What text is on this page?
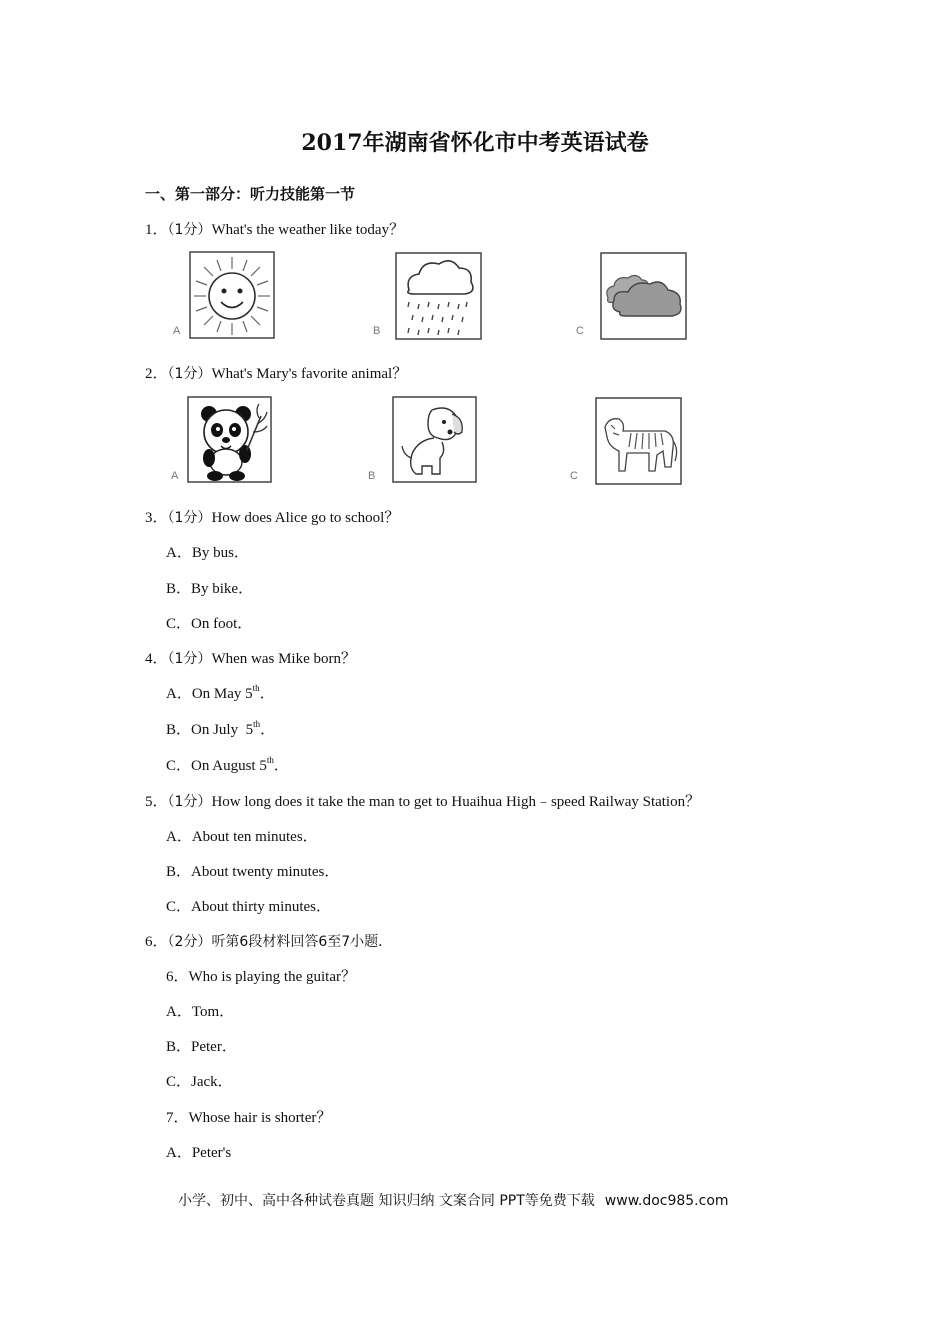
2017年湖南省怀化市中考英语试卷
一、第一部分：听力技能第一节
1．（1分）What's the weather like today？
A	B	C
2．（1分）What's Mary's favorite animal？
A	B	C
3．（1分）How does Alice go to school？
A．By bus．
B．By bike．
C．On foot．
4．（1分）When was Mike born？
A．On May 5th．
B．On July  5th．
C．On August 5th．
5．（1分）How long does it take the man to get to Huaihua High﹣speed Railway Station？
A．About ten minutes．
B．About twenty minutes．
C．About thirty minutes．
6．（2分）听第6段材料回答6至7小题．
6．Who is playing the guitar？
A．Tom．
B．Peter．
C．Jack．
7．Whose hair is shorter？
A．Peter's
小学、初中、高中各种试卷真题 知识归纳 文案合同 PPT等免费下载 www.doc985.com
